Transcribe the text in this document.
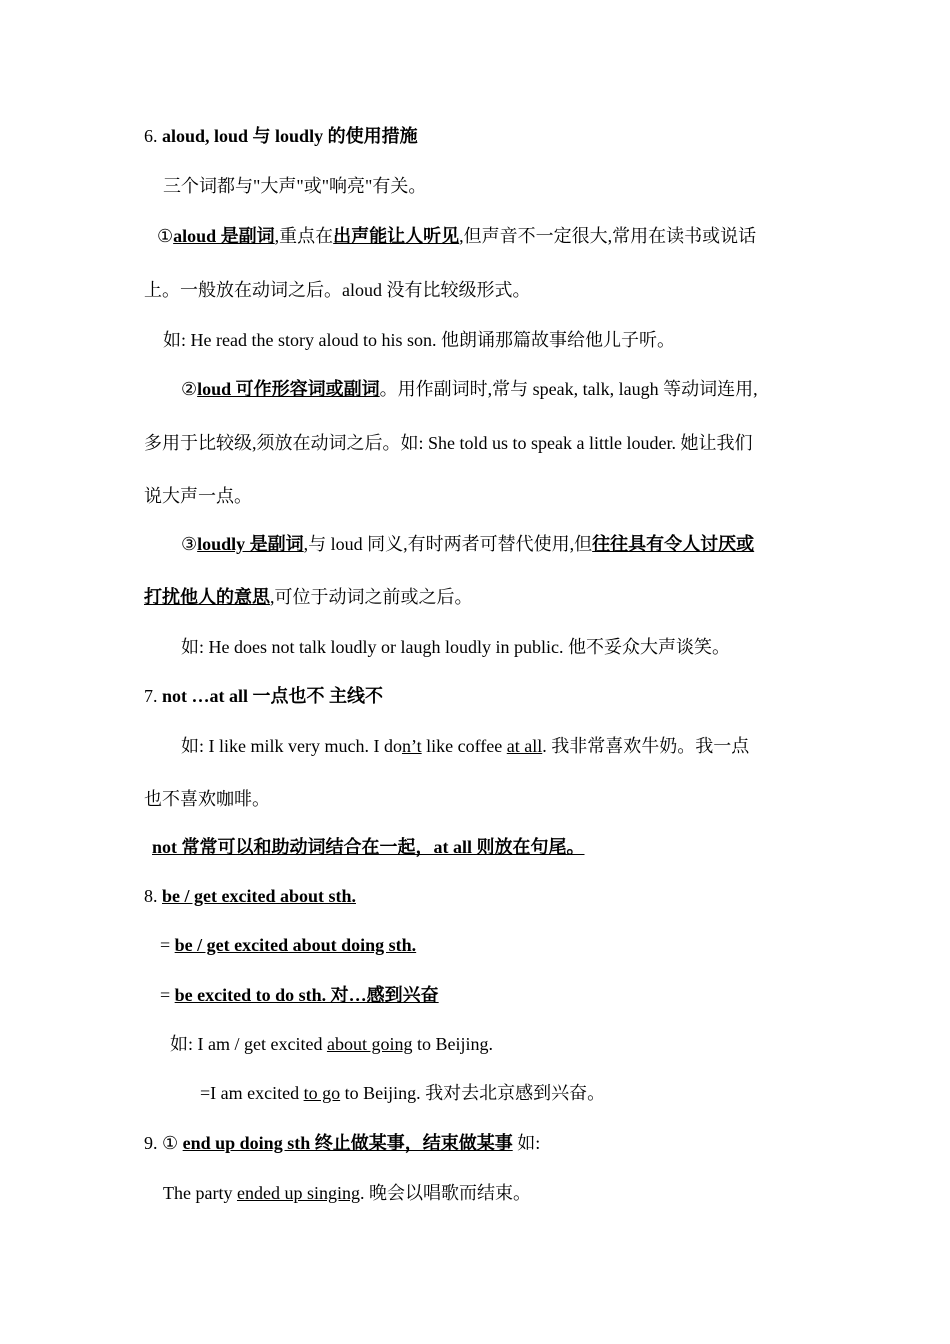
6. aloud, loud 与 loudly 的使用措施
三个词都与"大声"或"响亮"有关。
①aloud 是副词,重点在出声能让人听见,但声音不一定很大,常用在读书或说话
上。一般放在动词之后。aloud 没有比较级形式。
如: He read the story aloud to his son. 他朗诵那篇故事给他儿子听。
②loud 可作形容词或副词。用作副词时,常与 speak, talk, laugh 等动词连用,
多用于比较级,须放在动词之后。如: She told us to speak a little louder. 她让我们
说大声一点。
③loudly 是副词,与 loud 同义,有时两者可替代使用,但往往具有令人讨厌或
打扰他人的意思,可位于动词之前或之后。
如: He does not talk loudly or laugh loudly in public. 他不妥众大声谈笑。
7. not …at all 一点也不 主线不
如: I like milk very much. I don’t like coffee at all. 我非常喜欢牛奶。我一点
也不喜欢咖啡。
not 常常可以和助动词结合在一起，at all 则放在句尾。
8. be / get excited about sth.
= be / get excited about doing sth.
= be excited to do sth. 对…感到兴奋
如: I am / get excited about going to Beijing.
=I am excited to go to Beijing. 我对去北京感到兴奋。
9. ① end up doing sth 终止做某事，结束做某事 如:
The party ended up singing. 晚会以唱歌而结束。
